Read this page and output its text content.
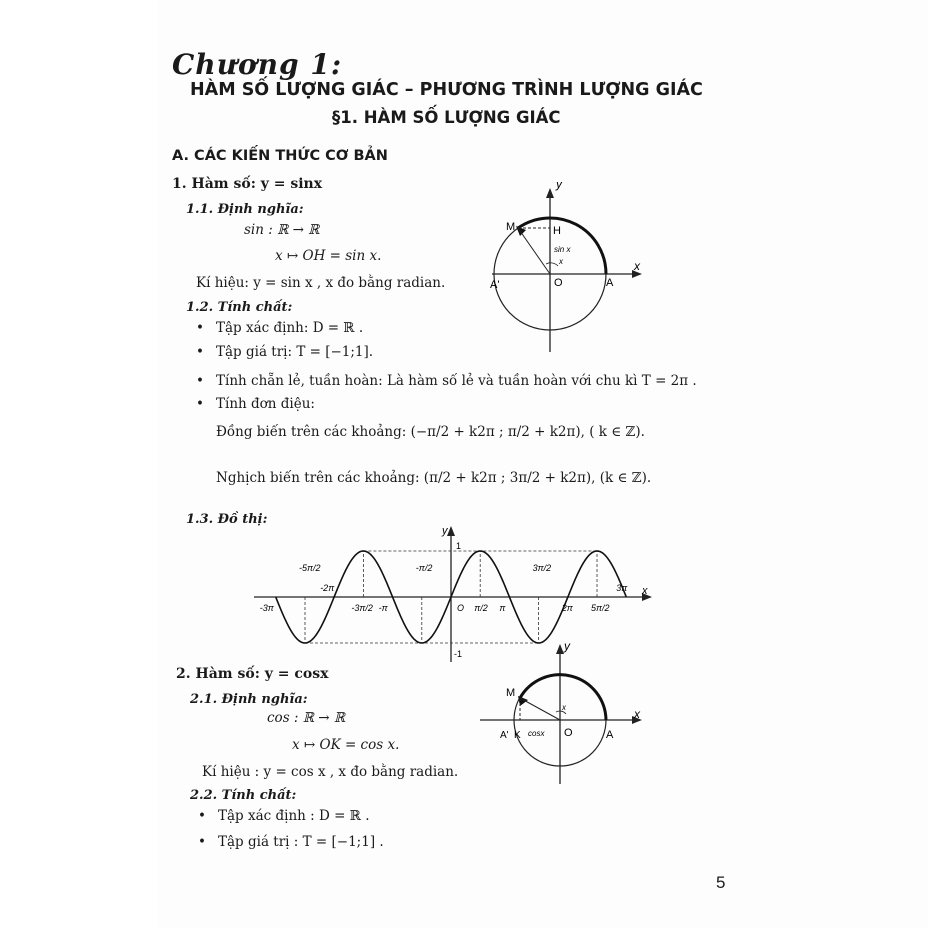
Chương 1:
HÀM SỐ LƯỢNG GIÁC – PHƯƠNG TRÌNH LƯỢNG GIÁC
§1. HÀM SỐ LƯỢNG GIÁC
A. CÁC KIẾN THỨC CƠ BẢN
1. Hàm số: y = sinx
1.1. Định nghĩa:
sin : ℝ → ℝ
x ↦ OH = sin x.
Kí hiệu: y = sin x , x đo bằng radian.
1.2. Tính chất:
• Tập xác định: D = ℝ .
• Tập giá trị: T = [−1;1].
• Tính chẵn lẻ, tuần hoàn: Là hàm số lẻ và tuần hoàn với chu kì T = 2π .
• Tính đơn điệu:
Đồng biến trên các khoảng: (−π/2 + k2π ; π/2 + k2π), ( k ∈ ℤ).
Nghịch biến trên các khoảng: (π/2 + k2π ; 3π/2 + k2π), (k ∈ ℤ).
1.3. Đồ thị:
y
x
M	H
sin x
x
A'	O	A
y
x
-3π
-5π/2
-2π
-3π/2 -π
-π/2
O π/2 π
3π/2
2π 5π/2
3π
1
-1
2. Hàm số: y = cosx
2.1. Định nghĩa:
cos : ℝ → ℝ
x ↦ OK = cos x.
Kí hiệu : y = cos x , x đo bằng radian.
2.2. Tính chất:
• Tập xác định : D = ℝ .
• Tập giá trị : T = [−1;1] .
y
x
M
A' K cosx O	A
x
5
